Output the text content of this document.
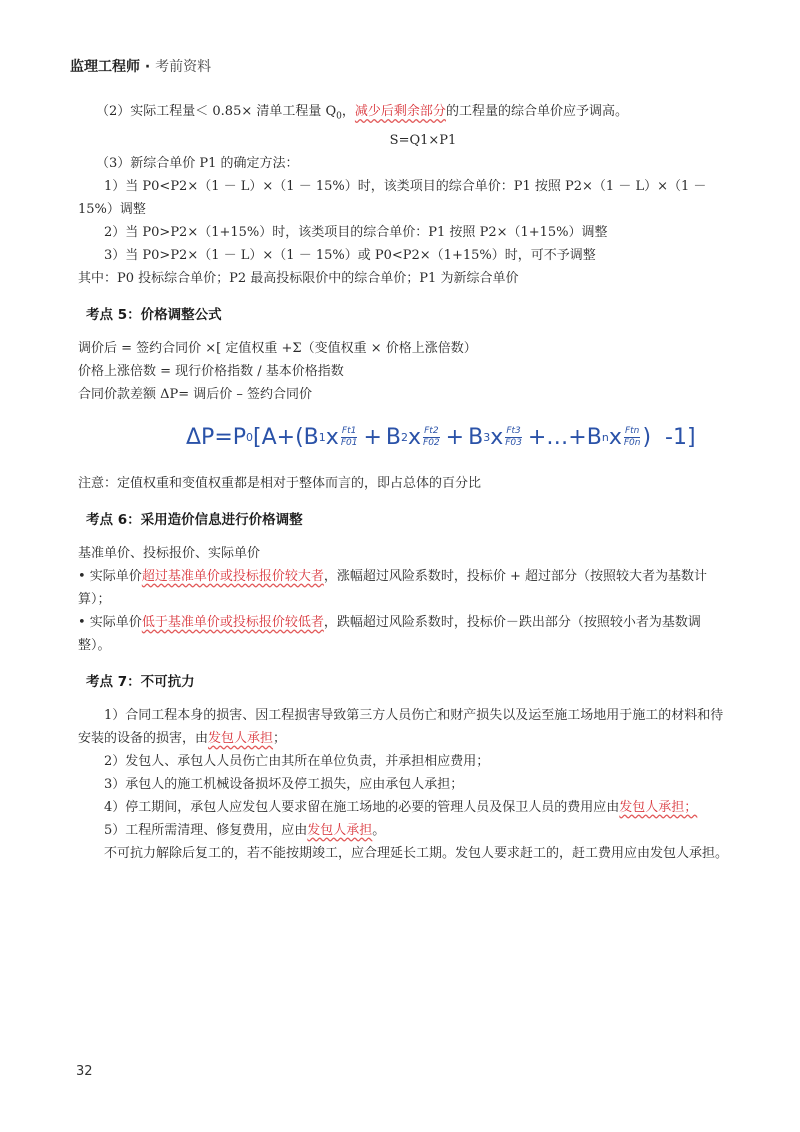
监理工程师 · 考前资料

（2）实际工程量＜ 0.85× 清单工程量 $Q_0$，减少后剩余部分的工程量的综合单价应予调高。

S=Q1×P1

（3）新综合单价 P1 的确定方法：

1）当 P0<P2×（1 － L）×（1 － 15%）时，该类项目的综合单价：P1 按照 P2×（1 － L）×（1 － 15%）调整

2）当 P0>P2×（1+15%）时，该类项目的综合单价：P1 按照 P2×（1+15%）调整

3）当 P0>P2×（1 － L）×（1 － 15%）或 P0<P2×（1+15%）时，可不予调整

其中：P0 投标综合单价；P2 最高投标限价中的综合单价；P1 为新综合单价

考点 5：价格调整公式

调价后 = 签约合同价 ×[ 定值权重 +Σ（变值权重 × 价格上涨倍数）

价格上涨倍数 = 现行价格指数 / 基本价格指数

合同价款差额 ΔP= 调后价 – 签约合同价

ΔP=P 0 [A+(B 1 x $\frac{Ft1}{F01} + B$ 2 x $\frac{Ft2}{F02} + B$ 3 x $\frac{Ft3}{F03}$ +…+B n x $\frac{\text{Ftn}}{F0n}$ )  -1]

注意：定值权重和变值权重都是相对于整体而言的，即占总体的百分比

考点 6：采用造价信息进行价格调整

基准单价、投标报价、实际单价

• 实际单价超过基准单价或投标报价较大者，涨幅超过风险系数时，投标价 + 超过部分（按照较大者为基数计算）；

• 实际单价低于基准单价或投标报价较低者，跌幅超过风险系数时，投标价－跌出部分（按照较小者为基数调整）。

考点 7：不可抗力

1）合同工程本身的损害、因工程损害导致第三方人员伤亡和财产损失以及运至施工场地用于施工的材料和待安装的设备的损害，由发包人承担；

2）发包人、承包人人员伤亡由其所在单位负责，并承担相应费用；

3）承包人的施工机械设备损坏及停工损失，应由承包人承担；

4）停工期间，承包人应发包人要求留在施工场地的必要的管理人员及保卫人员的费用应由发包人承担；

5）工程所需清理、修复费用，应由发包人承担。

不可抗力解除后复工的，若不能按期竣工，应合理延长工期。发包人要求赶工的，赶工费用应由发包人承担。

32
